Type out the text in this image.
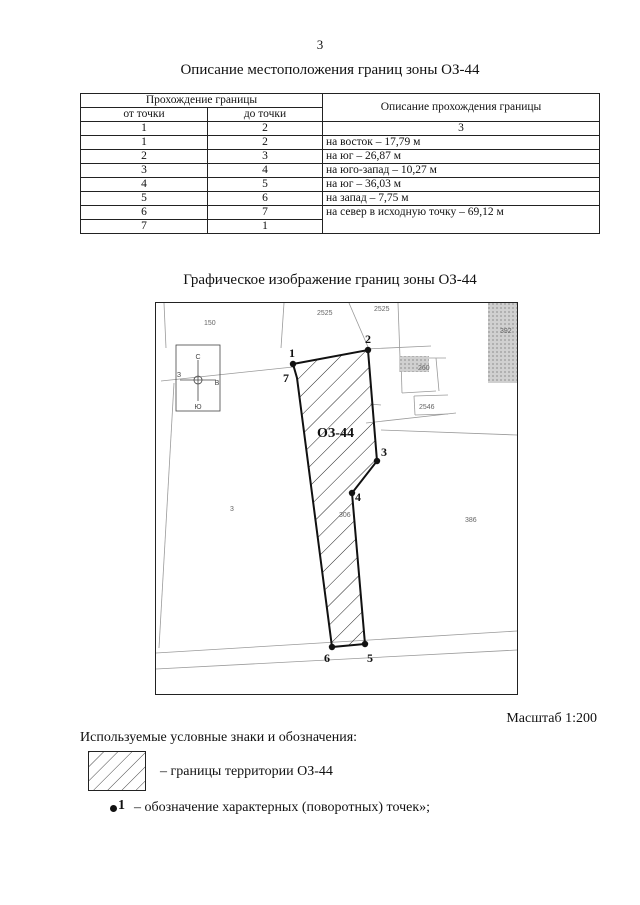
3
Описание местоположения границ зоны ОЗ-44
Прохождение границы		Описание прохождения границы
от точки	до точки	
1	2	3
1	2	на восток – 17,79 м
2	3	на юг – 26,87 м
3	4	на юго-запад – 10,27 м
4	5	на юг – 36,03 м
5	6	на запад – 7,75 м
6	7	на север в исходную точку – 69,12 м
7	1	
Графическое изображение границ зоны ОЗ-44
С
Ю
З
В
150
2525
2525
392
260
2546
3
386
1
2
3
4
5
6
7
ОЗ-44
Масштаб 1:200
Используемые условные знаки и обозначения:
– границы территории ОЗ-44
1 – обозначение характерных (поворотных) точек»;
